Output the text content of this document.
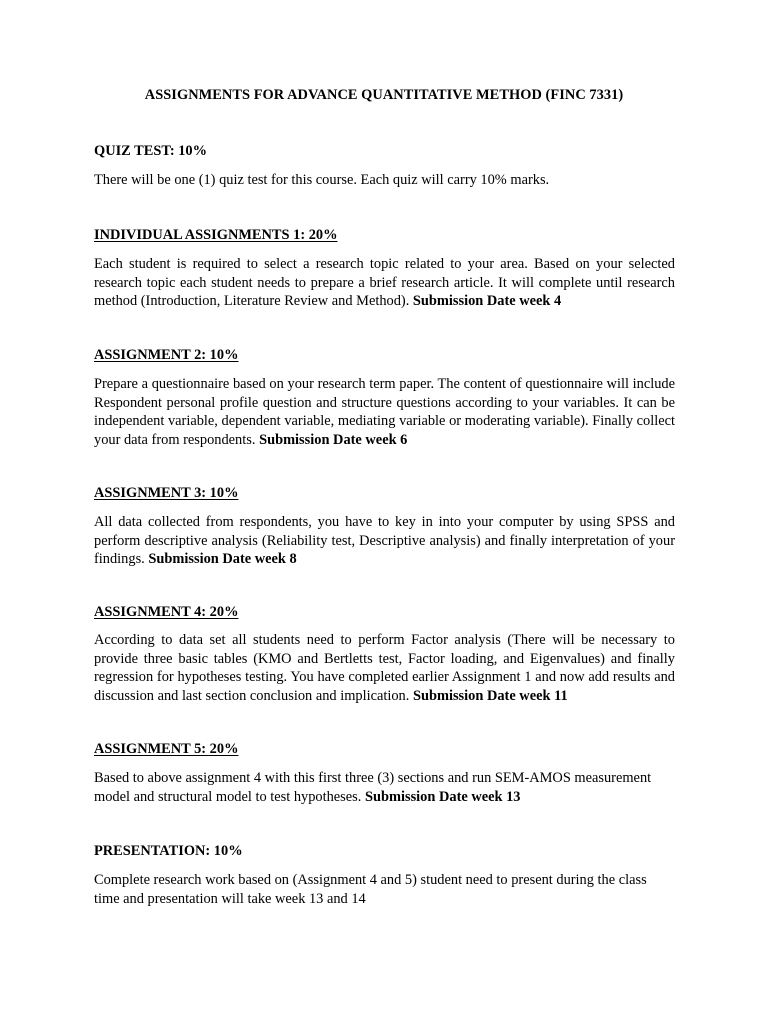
ASSIGNMENTS FOR ADVANCE QUANTITATIVE METHOD (FINC 7331)
QUIZ TEST: 10%

There will be one (1) quiz test for this course. Each quiz will carry 10% marks.

INDIVIDUAL ASSIGNMENTS 1: 20%

Each student is required to select a research topic related to your area. Based on your selected research topic each student needs to prepare a brief research article. It will complete until research method (Introduction, Literature Review and Method). Submission Date week 4

ASSIGNMENT 2: 10%

Prepare a questionnaire based on your research term paper. The content of questionnaire will include Respondent personal profile question and structure questions according to your variables. It can be independent variable, dependent variable, mediating variable or moderating variable). Finally collect your data from respondents. Submission Date week 6

ASSIGNMENT 3: 10%

All data collected from respondents, you have to key in into your computer by using SPSS and perform descriptive analysis (Reliability test, Descriptive analysis) and finally interpretation of your findings. Submission Date week 8

ASSIGNMENT 4: 20%

According to data set all students need to perform Factor analysis (There will be necessary to provide three basic tables (KMO and Bertletts test, Factor loading, and Eigenvalues) and finally regression for hypotheses testing. You have completed earlier Assignment 1 and now add results and discussion and last section conclusion and implication. Submission Date week 11

ASSIGNMENT 5: 20%

Based to above assignment 4 with this first three (3) sections and run SEM-AMOS measurement model and structural model to test hypotheses. Submission Date week 13

PRESENTATION: 10%

Complete research work based on (Assignment 4 and 5) student need to present during the class time and presentation will take week 13 and 14
